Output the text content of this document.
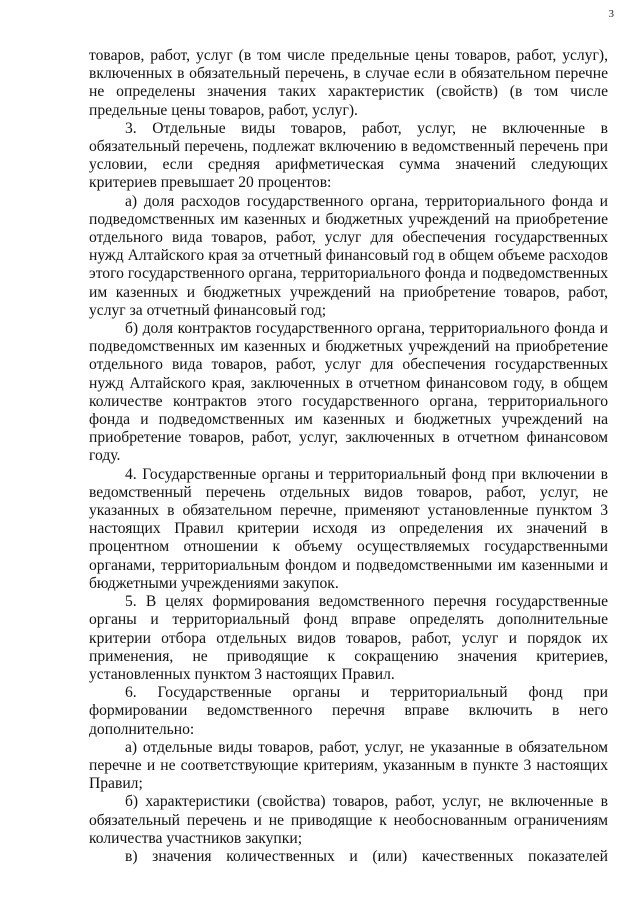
3

товаров, работ, услуг (в том числе предельные цены товаров, работ, услуг), включенных в обязательный перечень, в случае если в обязательном перечне не определены значения таких характеристик (свойств) (в том числе предельные цены товаров, работ, услуг).

3. Отдельные виды товаров, работ, услуг, не включенные в обязательный перечень, подлежат включению в ведомственный перечень при условии, если средняя арифметическая сумма значений следующих критериев превышает 20 процентов:

а) доля расходов государственного органа, территориального фонда и подведомственных им казенных и бюджетных учреждений на приобретение отдельного вида товаров, работ, услуг для обеспечения государственных нужд Алтайского края за отчетный финансовый год в общем объеме расходов этого государственного органа, территориального фонда и подведомственных им казенных и бюджетных учреждений на приобретение товаров, работ, услуг за отчетный финансовый год;

б) доля контрактов государственного органа, территориального фонда и подведомственных им казенных и бюджетных учреждений на приобретение отдельного вида товаров, работ, услуг для обеспечения государственных нужд Алтайского края, заключенных в отчетном финансовом году, в общем количестве контрактов этого государственного органа, территориального фонда и подведомственных им казенных и бюджетных учреждений на приобретение товаров, работ, услуг, заключенных в отчетном финансовом году.

4. Государственные органы и территориальный фонд при включении в ведомственный перечень отдельных видов товаров, работ, услуг, не указанных в обязательном перечне, применяют установленные пунктом 3 настоящих Правил критерии исходя из определения их значений в процентном отношении к объему осуществляемых государственными органами, территориальным фондом и подведомственными им казенными и бюджетными учреждениями закупок.

5. В целях формирования ведомственного перечня государственные органы и территориальный фонд вправе определять дополнительные критерии отбора отдельных видов товаров, работ, услуг и порядок их применения, не приводящие к сокращению значения критериев, установленных пунктом 3 настоящих Правил.

6. Государственные органы и территориальный фонд при формировании ведомственного перечня вправе включить в него дополнительно:

а) отдельные виды товаров, работ, услуг, не указанные в обязательном перечне и не соответствующие критериям, указанным в пункте 3 настоящих Правил;

б) характеристики (свойства) товаров, работ, услуг, не включенные в обязательный перечень и не приводящие к необоснованным ограничениям количества участников закупки;

в) значения количественных и (или) качественных показателей
